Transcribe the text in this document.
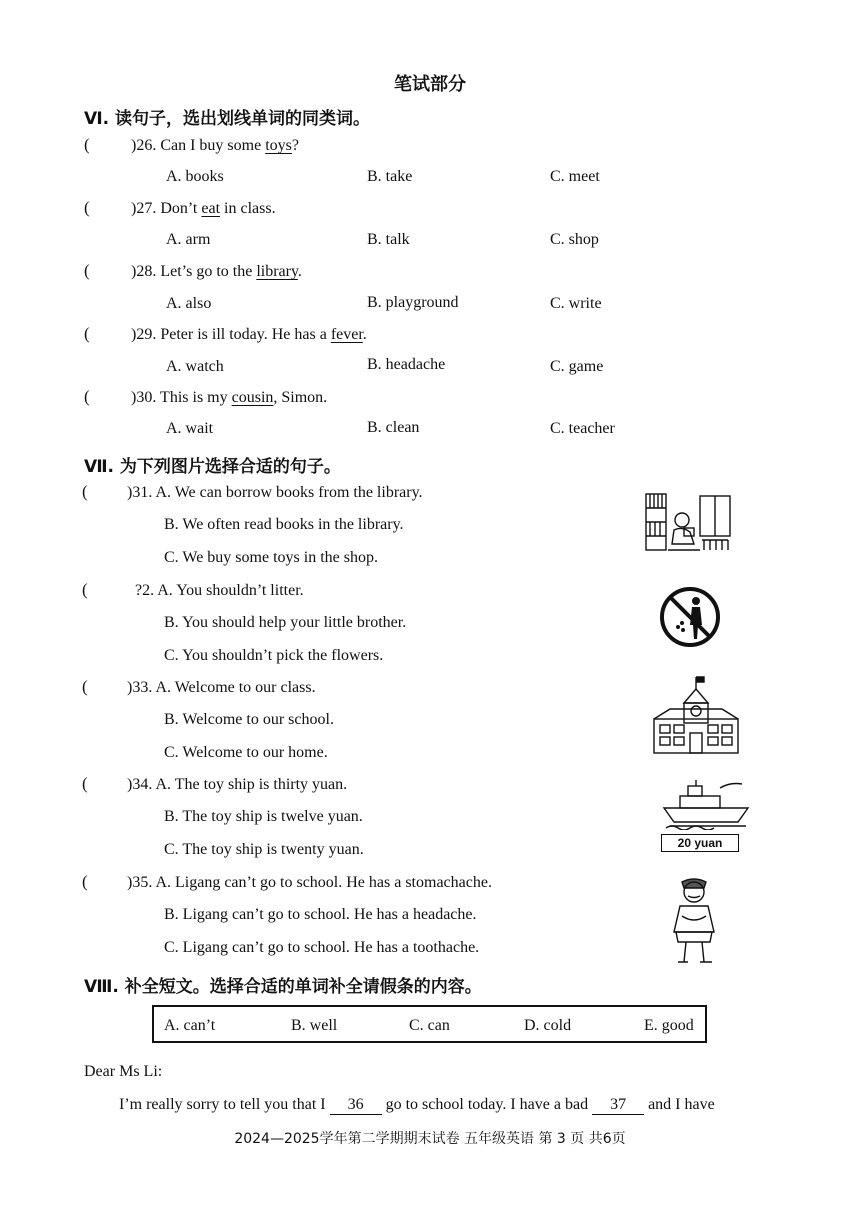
笔试部分
Ⅵ. 读句子，选出划线单词的同类词。
(	)26. Can I buy some toys?
A. books	B. take	C. meet
(	)27. Don’t eat in class.
A. arm	B. talk	C. shop
(	)28. Let’s go to the library.
A. also	B. playground	C. write
(	)29. Peter is ill today. He has a fever.
A. watch	B. headache	C. game
(	)30. This is my cousin, Simon.
A. wait	B. clean	C. teacher
Ⅶ. 为下列图片选择合适的句子。
( )31. A. We can borrow books from the library.
B. We often read books in the library.
C. We buy some toys in the shop.
(	?2. A. You shouldn’t litter.
B. You should help your little brother.
C. You shouldn’t pick the flowers.
( )33. A. Welcome to our class.
B. Welcome to our school.
C. Welcome to our home.
( )34. A. The toy ship is thirty yuan.
B. The toy ship is twelve yuan.
C. The toy ship is twenty yuan.
( )35. A. Ligang can’t go to school. He has a stomachache.
B. Ligang can’t go to school. He has a headache.
C. Ligang can’t go to school. He has a toothache.
20 yuan
Ⅷ. 补全短文。选择合适的单词补全请假条的内容。
A. can’t	B. well	C. can	D. cold	E. good
Dear Ms Li:
I’m really sorry to tell you that I 36 go to school today. I have a bad 37 and I have
2024—2025学年第二学期期末试卷 五年级英语 第 3 页 共6页
